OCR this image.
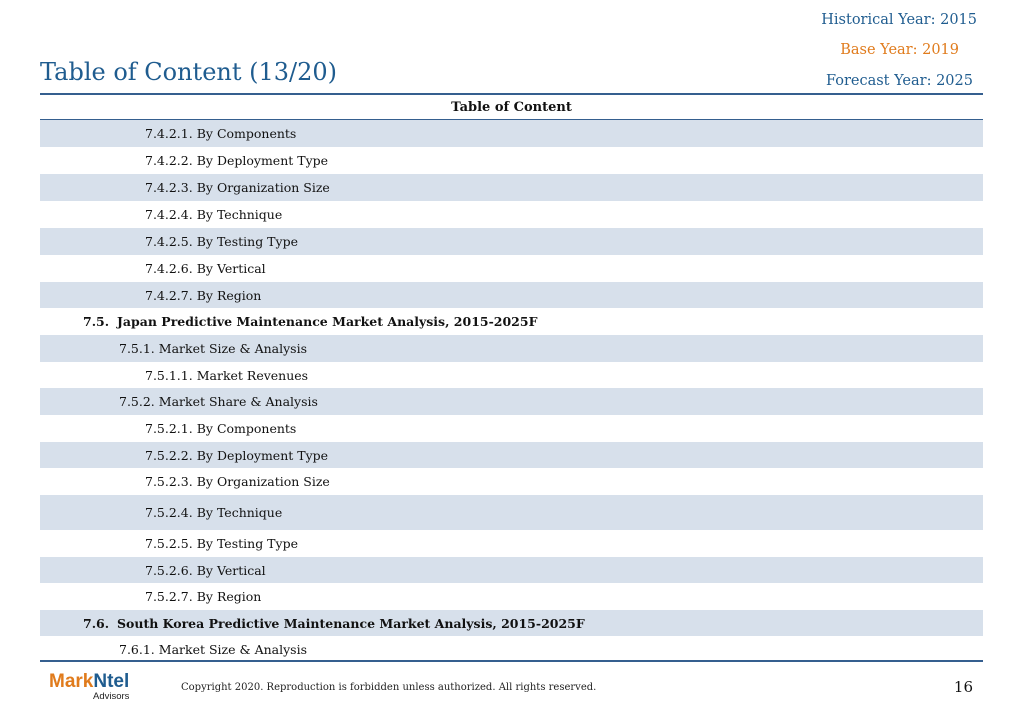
Historical Year: 2015
Base Year: 2019
Forecast Year: 2025
Table of Content (13/20)
Table of Content
7.4.2.1. By Components
7.4.2.2. By Deployment Type
7.4.2.3. By Organization Size
7.4.2.4. By Technique
7.4.2.5. By Testing Type
7.4.2.6. By Vertical
7.4.2.7. By Region
7.5. Japan Predictive Maintenance Market Analysis, 2015-2025F
7.5.1. Market Size & Analysis
7.5.1.1. Market Revenues
7.5.2. Market Share & Analysis
7.5.2.1. By Components
7.5.2.2. By Deployment Type
7.5.2.3. By Organization Size
7.5.2.4. By Technique
7.5.2.5. By Testing Type
7.5.2.6. By Vertical
7.5.2.7. By Region
7.6. South Korea Predictive Maintenance Market Analysis, 2015-2025F
7.6.1. Market Size & Analysis
MarkNtel
Advisors
Copyright 2020. Reproduction is forbidden unless authorized. All rights reserved.	16
